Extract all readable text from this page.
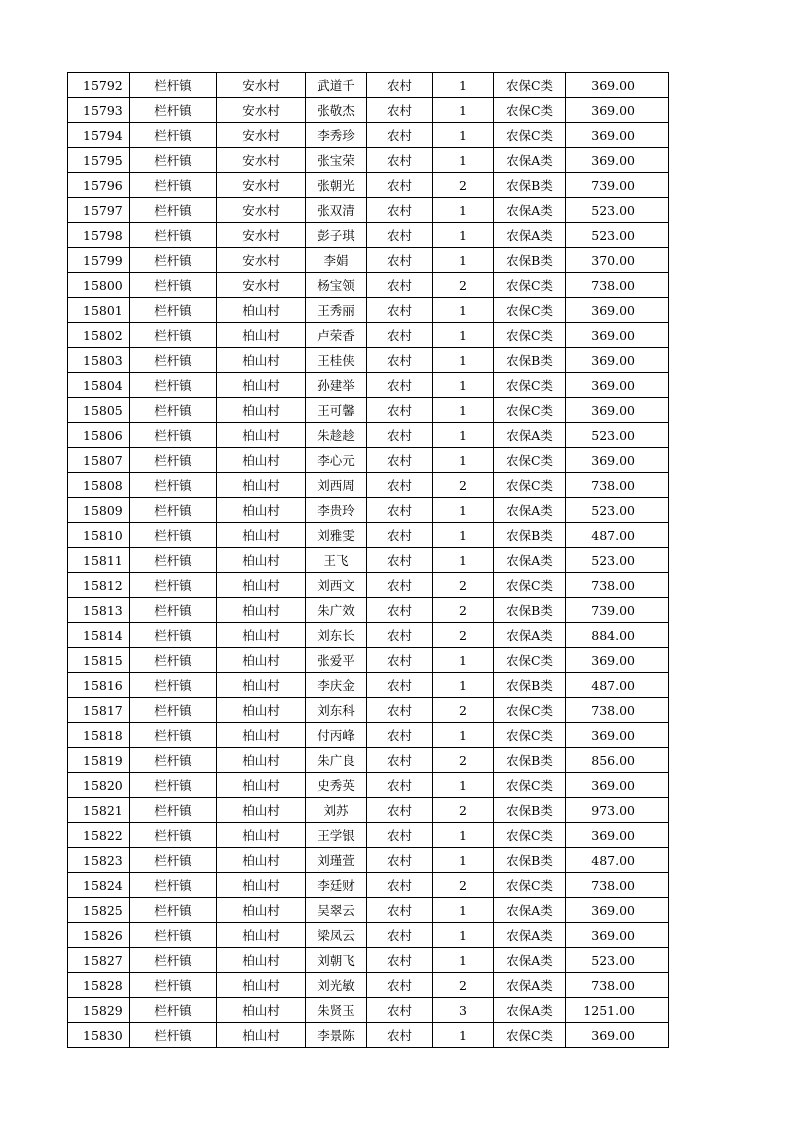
15792	栏杆镇	安水村	武道千	农村	1	农保C类	369.00
15793	栏杆镇	安水村	张敬杰	农村	1	农保C类	369.00
15794	栏杆镇	安水村	李秀珍	农村	1	农保C类	369.00
15795	栏杆镇	安水村	张宝荣	农村	1	农保A类	369.00
15796	栏杆镇	安水村	张朝光	农村	2	农保B类	739.00
15797	栏杆镇	安水村	张双清	农村	1	农保A类	523.00
15798	栏杆镇	安水村	彭子琪	农村	1	农保A类	523.00
15799	栏杆镇	安水村	李娟	农村	1	农保B类	370.00
15800	栏杆镇	安水村	杨宝领	农村	2	农保C类	738.00
15801	栏杆镇	柏山村	王秀丽	农村	1	农保C类	369.00
15802	栏杆镇	柏山村	卢荣香	农村	1	农保C类	369.00
15803	栏杆镇	柏山村	王桂侠	农村	1	农保B类	369.00
15804	栏杆镇	柏山村	孙建举	农村	1	农保C类	369.00
15805	栏杆镇	柏山村	王可馨	农村	1	农保C类	369.00
15806	栏杆镇	柏山村	朱趁趁	农村	1	农保A类	523.00
15807	栏杆镇	柏山村	李心元	农村	1	农保C类	369.00
15808	栏杆镇	柏山村	刘西周	农村	2	农保C类	738.00
15809	栏杆镇	柏山村	李贵玲	农村	1	农保A类	523.00
15810	栏杆镇	柏山村	刘雅雯	农村	1	农保B类	487.00
15811	栏杆镇	柏山村	王飞	农村	1	农保A类	523.00
15812	栏杆镇	柏山村	刘西文	农村	2	农保C类	738.00
15813	栏杆镇	柏山村	朱广效	农村	2	农保B类	739.00
15814	栏杆镇	柏山村	刘东长	农村	2	农保A类	884.00
15815	栏杆镇	柏山村	张爱平	农村	1	农保C类	369.00
15816	栏杆镇	柏山村	李庆金	农村	1	农保B类	487.00
15817	栏杆镇	柏山村	刘东科	农村	2	农保C类	738.00
15818	栏杆镇	柏山村	付丙峰	农村	1	农保C类	369.00
15819	栏杆镇	柏山村	朱广良	农村	2	农保B类	856.00
15820	栏杆镇	柏山村	史秀英	农村	1	农保C类	369.00
15821	栏杆镇	柏山村	刘苏	农村	2	农保B类	973.00
15822	栏杆镇	柏山村	王学银	农村	1	农保C类	369.00
15823	栏杆镇	柏山村	刘瑾萱	农村	1	农保B类	487.00
15824	栏杆镇	柏山村	李廷财	农村	2	农保C类	738.00
15825	栏杆镇	柏山村	吴翠云	农村	1	农保A类	369.00
15826	栏杆镇	柏山村	梁凤云	农村	1	农保A类	369.00
15827	栏杆镇	柏山村	刘朝飞	农村	1	农保A类	523.00
15828	栏杆镇	柏山村	刘光敏	农村	2	农保A类	738.00
15829	栏杆镇	柏山村	朱贤玉	农村	3	农保A类	1251.00
15830	栏杆镇	柏山村	李景陈	农村	1	农保C类	369.00
